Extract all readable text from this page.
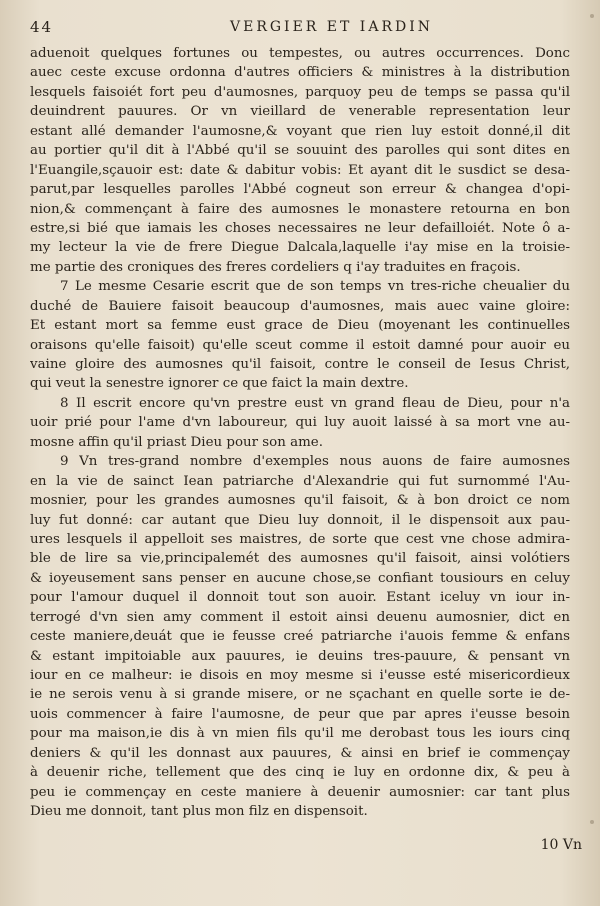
44	VERGIER ET IARDIN
aduenoit quelques fortunes ou tempestes, ou autres occurrences. Donc
auec ceste excuse ordonna d'autres officiers & ministres à la distribution
lesquels faisoiét fort peu d'aumosnes, parquoy peu de temps se passa qu'il
deuindrent pauures. Or vn vieillard de venerable representation leur
estant allé demander l'aumosne,& voyant que rien luy estoit donné,il dit
au portier qu'il dit à l'Abbé qu'il se souuint des parolles qui sont dites en
l'Euangile,sçauoir est: date & dabitur vobis: Et ayant dit le susdict se desa-
parut,par lesquelles parolles l'Abbé cogneut son erreur & changea d'opi-
nion,& commençant à faire des aumosnes le monastere retourna en bon
estre,si bié que iamais les choses necessaires ne leur defailloiét. Note ô a-
my lecteur la vie de frere Diegue Dalcala,laquelle i'ay mise en la troisie-
me partie des croniques des freres cordeliers q i'ay traduites en fraçois.
7 Le mesme Cesarie escrit que de son temps vn tres-riche cheualier du
duché de Bauiere faisoit beaucoup d'aumosnes, mais auec vaine gloire:
Et estant mort sa femme eust grace de Dieu (moyenant les continuelles
oraisons qu'elle faisoit) qu'elle sceut comme il estoit damné pour auoir eu
vaine gloire des aumosnes qu'il faisoit, contre le conseil de Iesus Christ,
qui veut la senestre ignorer ce que faict la main dextre.
8 Il escrit encore qu'vn prestre eust vn grand fleau de Dieu, pour n'a
uoir prié pour l'ame d'vn laboureur, qui luy auoit laissé à sa mort vne au-
mosne affin qu'il priast Dieu pour son ame.
9 Vn tres-grand nombre d'exemples nous auons de faire aumosnes
en la vie de sainct Iean patriarche d'Alexandrie qui fut surnommé l'Au-
mosnier, pour les grandes aumosnes qu'il faisoit, & à bon droict ce nom
luy fut donné: car autant que Dieu luy donnoit, il le dispensoit aux pau-
ures lesquels il appelloit ses maistres, de sorte que cest vne chose admira-
ble de lire sa vie,principalemét des aumosnes qu'il faisoit, ainsi volótiers
& ioyeusement sans penser en aucune chose,se confiant tousiours en celuy
pour l'amour duquel il donnoit tout son auoir. Estant iceluy vn iour in-
terrogé d'vn sien amy comment il estoit ainsi deuenu aumosnier, dict en
ceste maniere,deuát que ie feusse creé patriarche i'auois femme & enfans
& estant impitoiable aux pauures, ie deuins tres-pauure, & pensant vn
iour en ce malheur: ie disois en moy mesme si i'eusse esté misericordieux
ie ne serois venu à si grande misere, or ne sçachant en quelle sorte ie de-
uois commencer à faire l'aumosne, de peur que par apres i'eusse besoin
pour ma maison,ie dis à vn mien fils qu'il me derobast tous les iours cinq
deniers & qu'il les donnast aux pauures, & ainsi en brief ie commençay
à deuenir riche, tellement que des cinq ie luy en ordonne dix, & peu à
peu ie commençay en ceste maniere à deuenir aumosnier: car tant plus
Dieu me donnoit, tant plus mon filz en dispensoit.
10 Vn
